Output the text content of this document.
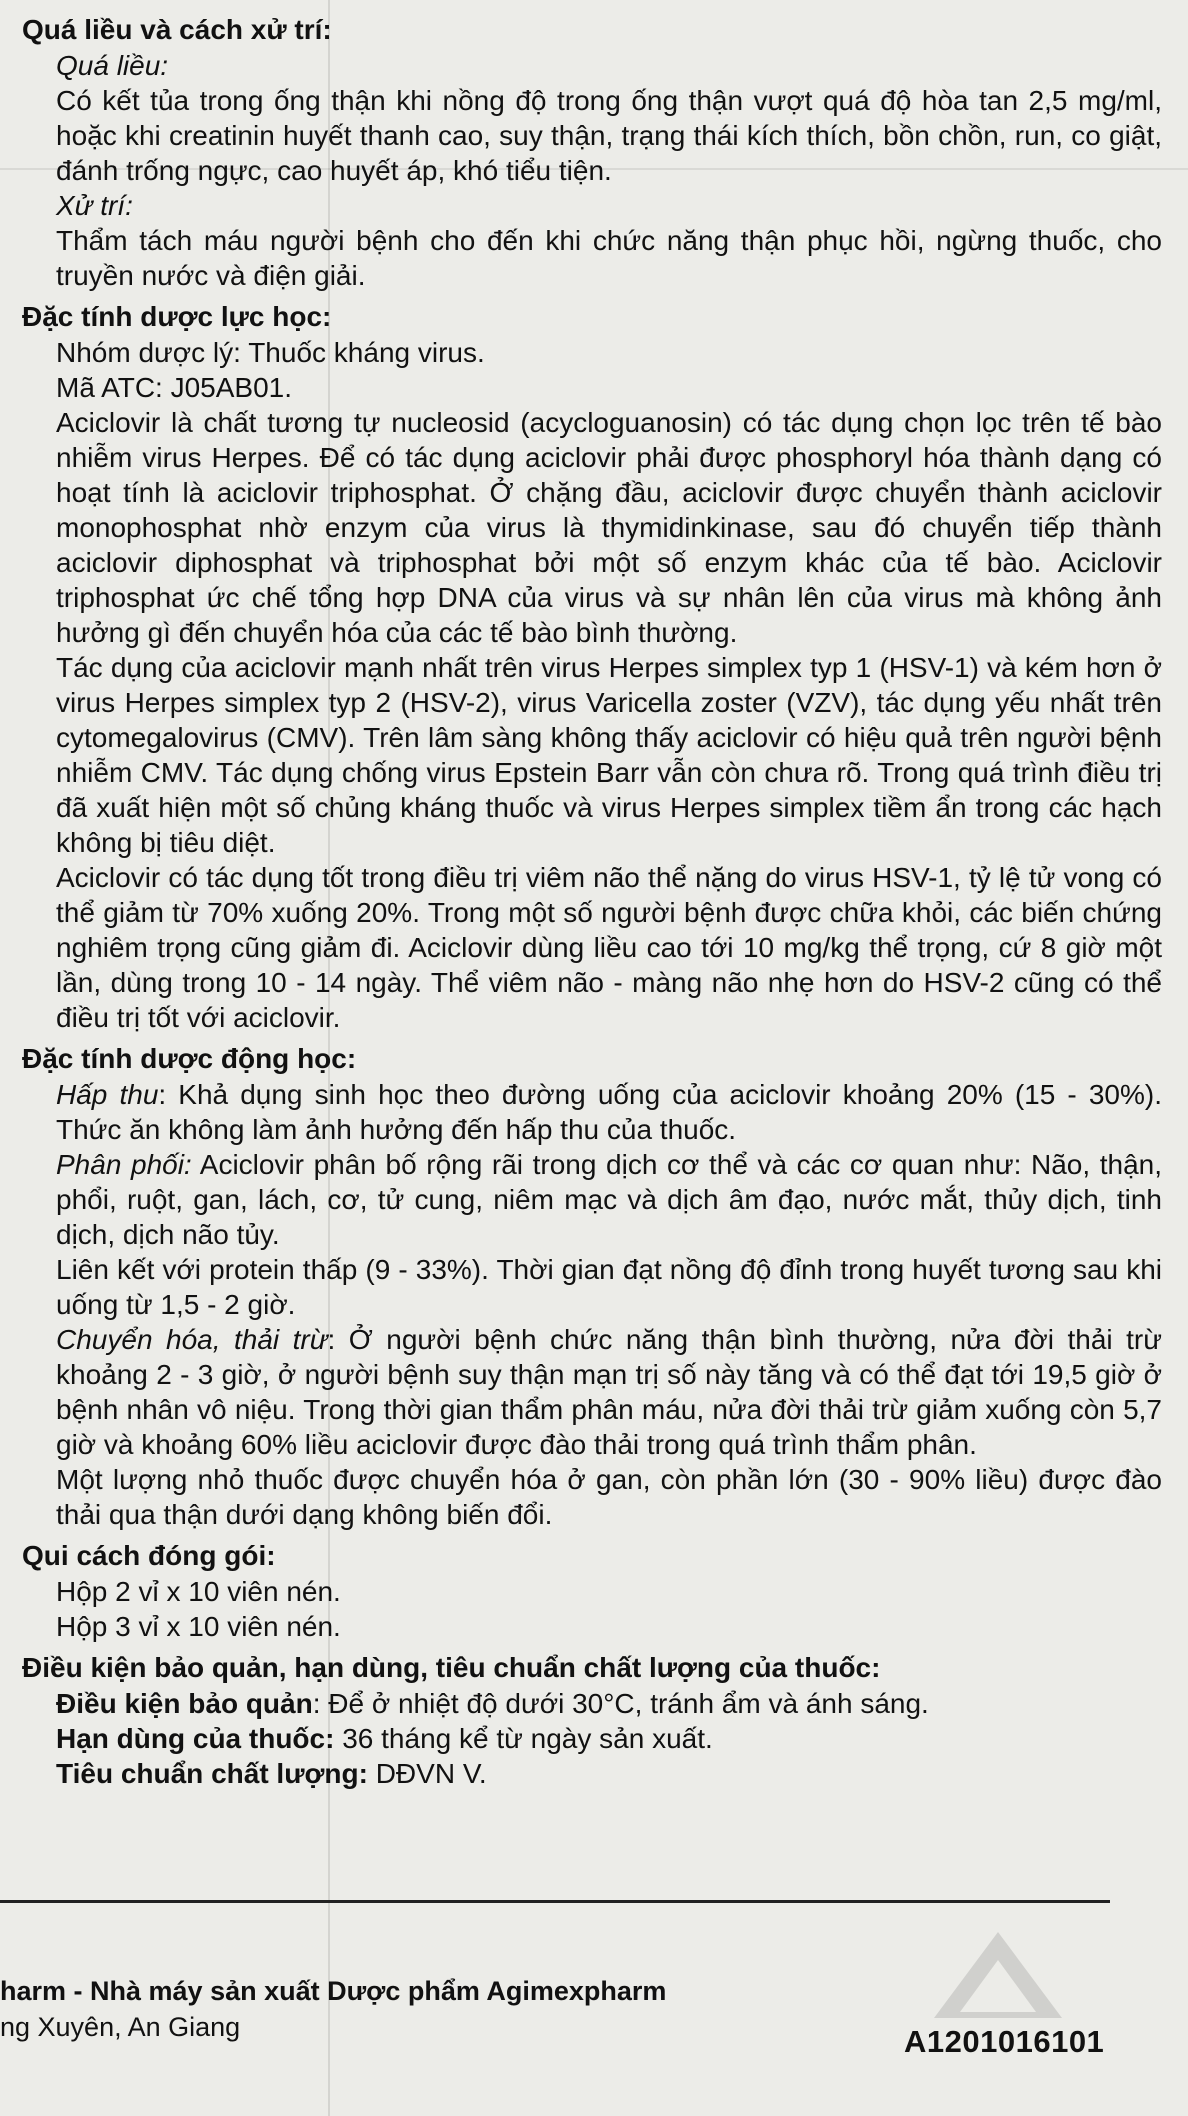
Quá liều và cách xử trí:
Quá liều:
Có kết tủa trong ống thận khi nồng độ trong ống thận vượt quá độ hòa tan 2,5 mg/ml, hoặc khi creatinin huyết thanh cao, suy thận, trạng thái kích thích, bồn chồn, run, co giật, đánh trống ngực, cao huyết áp, khó tiểu tiện.
Xử trí:
Thẩm tách máu người bệnh cho đến khi chức năng thận phục hồi, ngừng thuốc, cho truyền nước và điện giải.
Đặc tính dược lực học:
Nhóm dược lý: Thuốc kháng virus.
Mã ATC: J05AB01.
Aciclovir là chất tương tự nucleosid (acycloguanosin) có tác dụng chọn lọc trên tế bào nhiễm virus Herpes. Để có tác dụng aciclovir phải được phosphoryl hóa thành dạng có hoạt tính là aciclovir triphosphat. Ở chặng đầu, aciclovir được chuyển thành aciclovir monophosphat nhờ enzym của virus là thymidinkinase, sau đó chuyển tiếp thành aciclovir diphosphat và triphosphat bởi một số enzym khác của tế bào. Aciclovir triphosphat ức chế tổng hợp DNA của virus và sự nhân lên của virus mà không ảnh hưởng gì đến chuyển hóa của các tế bào bình thường.
Tác dụng của aciclovir mạnh nhất trên virus Herpes simplex typ 1 (HSV-1) và kém hơn ở virus Herpes simplex typ 2 (HSV-2), virus Varicella zoster (VZV), tác dụng yếu nhất trên cytomegalovirus (CMV). Trên lâm sàng không thấy aciclovir có hiệu quả trên người bệnh nhiễm CMV. Tác dụng chống virus Epstein Barr vẫn còn chưa rõ. Trong quá trình điều trị đã xuất hiện một số chủng kháng thuốc và virus Herpes simplex tiềm ẩn trong các hạch không bị tiêu diệt.
Aciclovir có tác dụng tốt trong điều trị viêm não thể nặng do virus HSV-1, tỷ lệ tử vong có thể giảm từ 70% xuống 20%. Trong một số người bệnh được chữa khỏi, các biến chứng nghiêm trọng cũng giảm đi. Aciclovir dùng liều cao tới 10 mg/kg thể trọng, cứ 8 giờ một lần, dùng trong 10 - 14 ngày. Thể viêm não - màng não nhẹ hơn do HSV-2 cũng có thể điều trị tốt với aciclovir.
Đặc tính dược động học:
Hấp thu: Khả dụng sinh học theo đường uống của aciclovir khoảng 20% (15 - 30%). Thức ăn không làm ảnh hưởng đến hấp thu của thuốc.
Phân phối: Aciclovir phân bố rộng rãi trong dịch cơ thể và các cơ quan như: Não, thận, phổi, ruột, gan, lách, cơ, tử cung, niêm mạc và dịch âm đạo, nước mắt, thủy dịch, tinh dịch, dịch não tủy.
Liên kết với protein thấp (9 - 33%). Thời gian đạt nồng độ đỉnh trong huyết tương sau khi uống từ 1,5 - 2 giờ.
Chuyển hóa, thải trừ: Ở người bệnh chức năng thận bình thường, nửa đời thải trừ khoảng 2 - 3 giờ, ở người bệnh suy thận mạn trị số này tăng và có thể đạt tới 19,5 giờ ở bệnh nhân vô niệu. Trong thời gian thẩm phân máu, nửa đời thải trừ giảm xuống còn 5,7 giờ và khoảng 60% liều aciclovir được đào thải trong quá trình thẩm phân.
Một lượng nhỏ thuốc được chuyển hóa ở gan, còn phần lớn (30 - 90% liều) được đào thải qua thận dưới dạng không biến đổi.
Qui cách đóng gói:
Hộp 2 vỉ x 10 viên nén.
Hộp 3 vỉ x 10 viên nén.
Điều kiện bảo quản, hạn dùng, tiêu chuẩn chất lượng của thuốc:
Điều kiện bảo quản: Để ở nhiệt độ dưới 30°C, tránh ẩm và ánh sáng.
Hạn dùng của thuốc: 36 tháng kể từ ngày sản xuất.
Tiêu chuẩn chất lượng: DĐVN V.
harm - Nhà máy sản xuất Dược phẩm Agimexpharm
ng Xuyên, An Giang	A1201016101
